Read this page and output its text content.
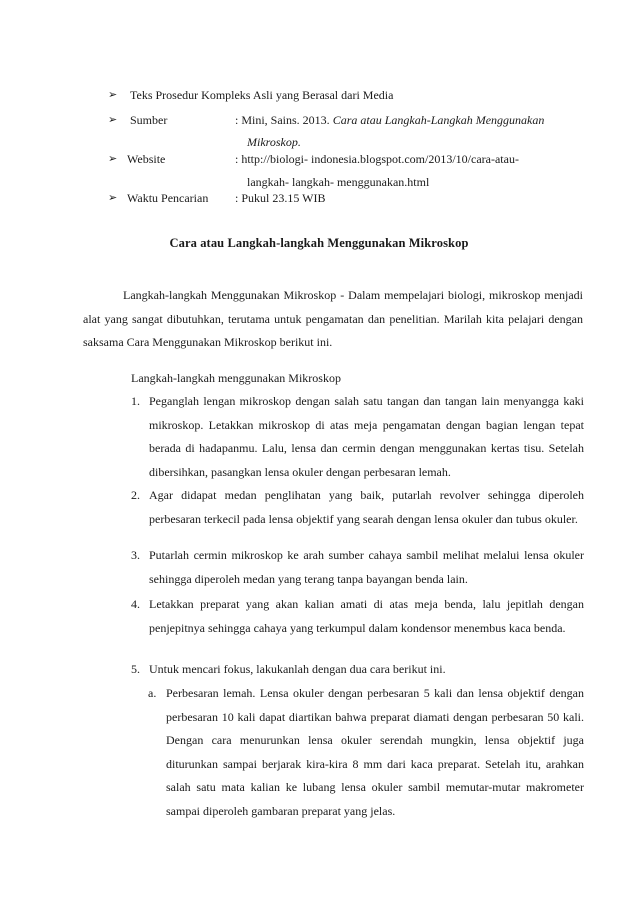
➢ Teks Prosedur Kompleks Asli yang Berasal dari Media
➢ Sumber	: Mini, Sains. 2013. Cara atau Langkah-Langkah Menggunakan
Mikroskop.
➢ Website	: http://biologi- indonesia.blogspot.com/2013/10/cara-atau-
langkah- langkah- menggunakan.html
➢ Waktu Pencarian : Pukul 23.15 WIB
Cara atau Langkah-langkah Menggunakan Mikroskop
Langkah-langkah Menggunakan Mikroskop - Dalam mempelajari biologi, mikroskop menjadi alat yang sangat dibutuhkan, terutama untuk pengamatan dan penelitian. Marilah kita pelajari dengan saksama Cara Menggunakan Mikroskop berikut ini.
Langkah-langkah menggunakan Mikroskop
1. Peganglah lengan mikroskop dengan salah satu tangan dan tangan lain menyangga kaki mikroskop. Letakkan mikroskop di atas meja pengamatan dengan bagian lengan tepat berada di hadapanmu. Lalu, lensa dan cermin dengan menggunakan kertas tisu. Setelah dibersihkan, pasangkan lensa okuler dengan perbesaran lemah.
2. Agar didapat medan penglihatan yang baik, putarlah revolver sehingga diperoleh perbesaran terkecil pada lensa objektif yang searah dengan lensa okuler dan tubus okuler.
3. Putarlah cermin mikroskop ke arah sumber cahaya sambil melihat melalui lensa okuler sehingga diperoleh medan yang terang tanpa bayangan benda lain.
4. Letakkan preparat yang akan kalian amati di atas meja benda, lalu jepitlah dengan penjepitnya sehingga cahaya yang terkumpul dalam kondensor menembus kaca benda.
5. Untuk mencari fokus, lakukanlah dengan dua cara berikut ini.
a. Perbesaran lemah. Lensa okuler dengan perbesaran 5 kali dan lensa objektif dengan perbesaran 10 kali dapat diartikan bahwa preparat diamati dengan perbesaran 50 kali. Dengan cara menurunkan lensa okuler serendah mungkin, lensa objektif juga diturunkan sampai berjarak kira-kira 8 mm dari kaca preparat. Setelah itu, arahkan salah satu mata kalian ke lubang lensa okuler sambil memutar-mutar makrometer sampai diperoleh gambaran preparat yang jelas.
